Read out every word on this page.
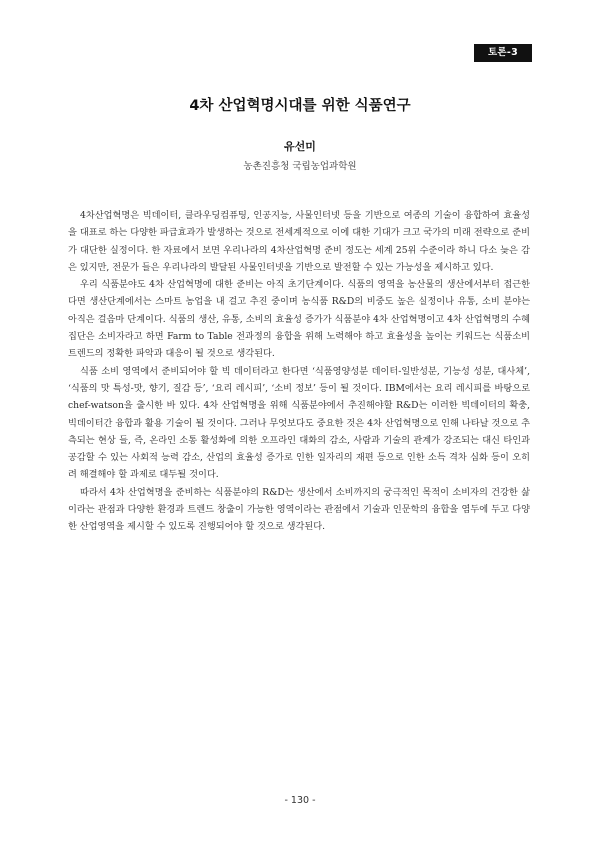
토론-3
4차 산업혁명시대를 위한 식품연구
유선미
농촌진흥청 국립농업과학원

4차산업혁명은 빅데이터, 클라우딩컴퓨팅, 인공지능, 사물인터넷 등을 기반으로 여종의 기술이 융합하여 효율성을 대표로 하는 다양한 파급효과가 발생하는 것으로 전세계적으로 이에 대한 기대가 크고 국가의 미래 전략으로 준비가 대단한 실정이다. 한 자료에서 보면 우리나라의 4차산업혁명 준비 정도는 세계 25위 수준이라 하니 다소 늦은 감은 있지만, 전문가 들은 우리나라의 발달된 사물인터넷을 기반으로 발전할 수 있는 가능성을 제시하고 있다.

우리 식품분야도 4차 산업혁명에 대한 준비는 아직 초기단계이다. 식품의 영역을 농산물의 생산에서부터 접근한다면 생산단계에서는 스마트 농업을 내 걸고 추진 중이며 농식품 R&D의 비중도 높은 실정이나 유통, 소비 분야는 아직은 걸음마 단계이다. 식품의 생산, 유통, 소비의 효율성 증가가 식품분야 4차 산업혁명이고 4차 산업혁명의 수혜집단은 소비자라고 하면 Farm to Table 전과정의 융합을 위해 노력해야 하고 효율성을 높이는 키워드는 식품소비 트렌드의 정확한 파악과 대응이 될 것으로 생각된다.

식품 소비 영역에서 준비되어야 할 빅 데이터라고 한다면 ‘식품영양성분 데이터-일반성분, 기능성 성분, 대사체’, ‘식품의 맛 특성-맛, 향기, 질감 등’, ‘요리 레시피’, ‘소비 정보’ 등이 될 것이다. IBM에서는 요리 레시피를 바탕으로 chef-watson을 출시한 바 있다. 4차 산업혁명을 위해 식품분야에서 추진해야할 R&D는 이러한 빅데이터의 확충, 빅데이터간 융합과 활용 기술이 될 것이다. 그러나 무엇보다도 중요한 것은 4차 산업혁명으로 인해 나타날 것으로 추측되는 현상 들, 즉, 온라인 소통 활성화에 의한 오프라인 대화의 감소, 사람과 기술의 관계가 강조되는 대신 타인과 공감할 수 있는 사회적 능력 감소, 산업의 효율성 증가로 인한 일자리의 재편 등으로 인한 소득 격차 심화 등이 오히려 해결해야 할 과제로 대두될 것이다.

따라서 4차 산업혁명을 준비하는 식품분야의 R&D는 생산에서 소비까지의 궁극적인 목적이 소비자의 건강한 삶이라는 관점과 다양한 환경과 트렌드 창출이 가능한 영역이라는 관점에서 기술과 인문학의 융합을 염두에 두고 다양한 산업영역을 제시할 수 있도록 진행되어야 할 것으로 생각된다.

- 130 -
